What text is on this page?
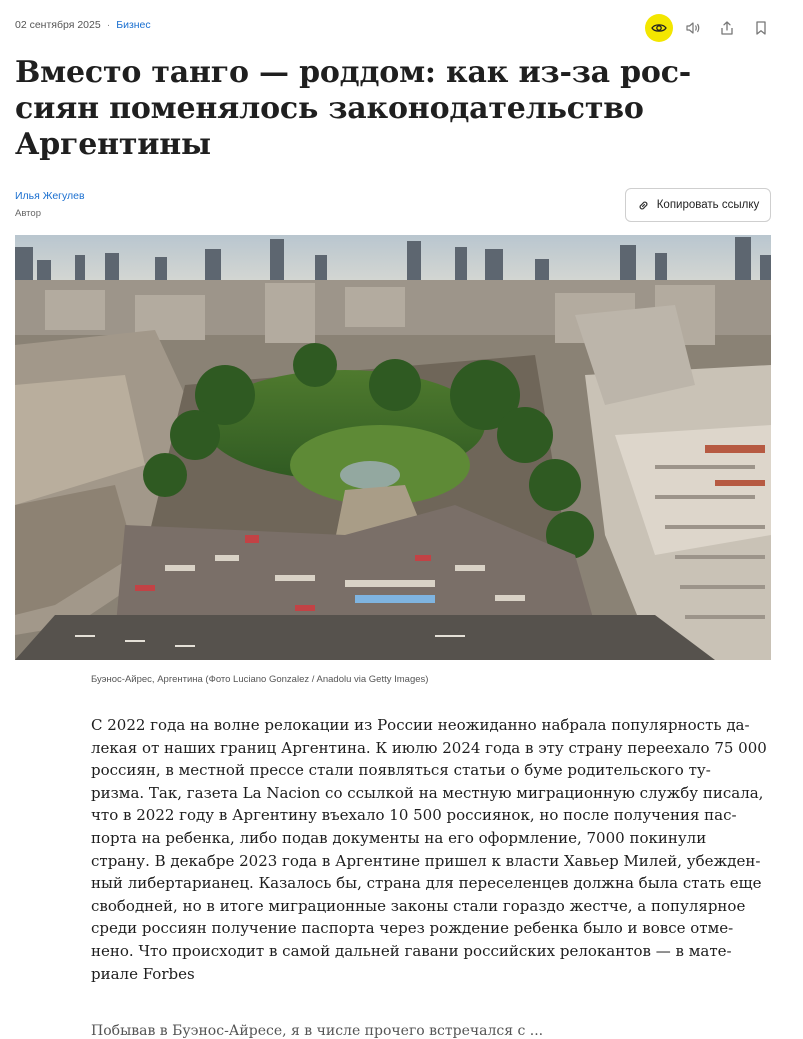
02 сентября 2025 · Бизнес
Вместо танго — роддом: как из-за рос-
сиян поменялось законодательство
Аргентины
Илья Жегулев
Автор
Копировать ссылку
Буэнос-Айрес, Аргентина (Фото Luciano Gonzalez / Anadolu via Getty Images)
С 2022 года на волне релокации из России неожиданно набрала популярность да-
лекая от наших границ Аргентина. К июлю 2024 года в эту страну переехало 75 000
россиян, в местной прессе стали появляться статьи о буме родительского ту-
ризма. Так, газета La Nacion со ссылкой на местную миграционную службу писала,
что в 2022 году в Аргентину въехало 10 500 россиянок, но после получения пас-
порта на ребенка, либо подав документы на его оформление, 7000 покинули
страну. В декабре 2023 года в Аргентине пришел к власти Хавьер Милей, убежден-
ный либертарианец. Казалось бы, страна для переселенцев должна была стать еще
свободней, но в итоге миграционные законы стали гораздо жестче, а популярное
среди россиян получение паспорта через рождение ребенка было и вовсе отме-
нено. Что происходит в самой дальней гавани российских релокантов — в мате-
риале Forbes
Побывав в Буэнос-Айресе, я в числе прочего встречался с ...
